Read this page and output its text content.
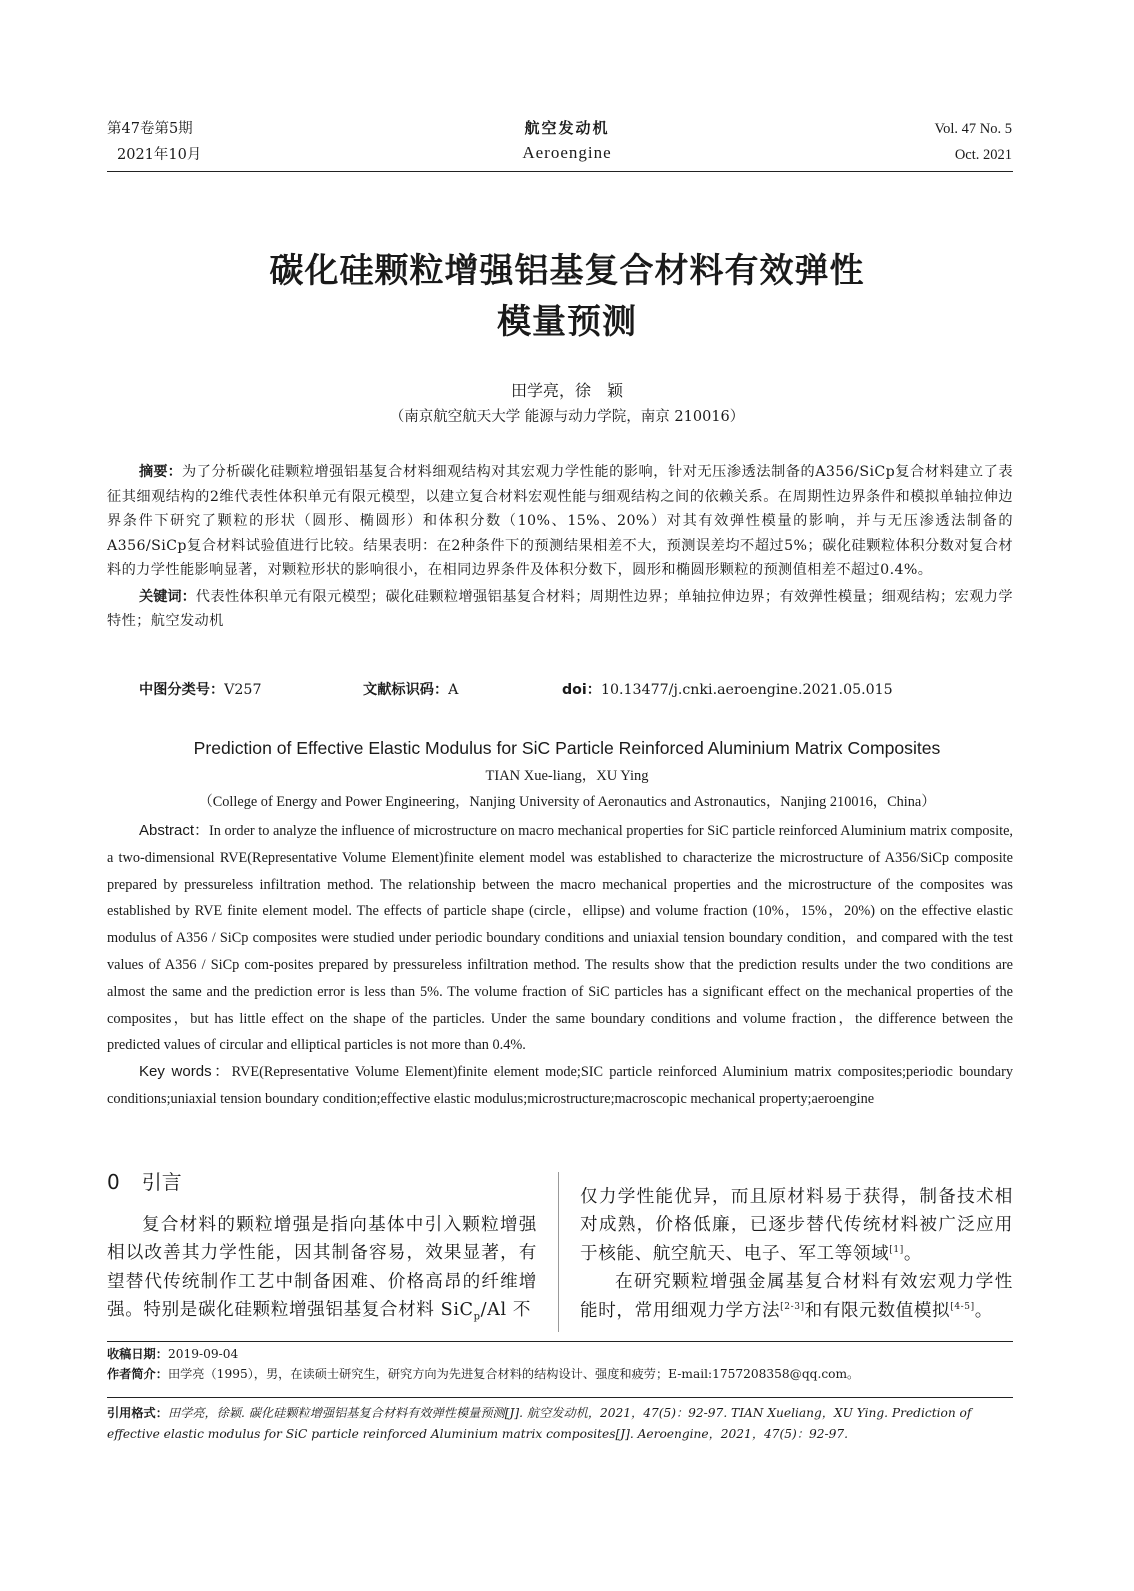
第47卷第5期
2021年10月
航空发动机
Aeroengine
Vol. 47 No. 5
Oct. 2021
碳化硅颗粒增强铝基复合材料有效弹性
模量预测
田学亮，徐　颖
（南京航空航天大学 能源与动力学院，南京 210016）
摘要：为了分析碳化硅颗粒增强铝基复合材料细观结构对其宏观力学性能的影响，针对无压渗透法制备的A356/SiCp复合材料建立了表征其细观结构的2维代表性体积单元有限元模型，以建立复合材料宏观性能与细观结构之间的依赖关系。在周期性边界条件和模拟单轴拉伸边界条件下研究了颗粒的形状（圆形、椭圆形）和体积分数（10%、15%、20%）对其有效弹性模量的影响，并与无压渗透法制备的A356/SiCp复合材料试验值进行比较。结果表明：在2种条件下的预测结果相差不大，预测误差均不超过5%；碳化硅颗粒体积分数对复合材料的力学性能影响显著，对颗粒形状的影响很小，在相同边界条件及体积分数下，圆形和椭圆形颗粒的预测值相差不超过0.4%。
关键词：代表性体积单元有限元模型；碳化硅颗粒增强铝基复合材料；周期性边界；单轴拉伸边界；有效弹性模量；细观结构；宏观力学特性；航空发动机
中图分类号：V257	文献标识码：A	doi：10.13477/j.cnki.aeroengine.2021.05.015
Prediction of Effective Elastic Modulus for SiC Particle Reinforced Aluminium Matrix Composites
TIAN Xue-liang，XU Ying
（College of Energy and Power Engineering，Nanjing University of Aeronautics and Astronautics，Nanjing 210016，China）
Abstract：In order to analyze the influence of microstructure on macro mechanical properties for SiC particle reinforced Aluminium matrix composite, a two-dimensional RVE(Representative Volume Element)finite element model was established to characterize the microstructure of A356/SiCp composite prepared by pressureless infiltration method. The relationship between the macro mechanical properties and the microstructure of the composites was established by RVE finite element model. The effects of particle shape (circle，ellipse) and volume fraction (10%，15%，20%) on the effective elastic modulus of A356 / SiCp composites were studied under periodic boundary conditions and uniaxial tension boundary condition，and compared with the test values of A356 / SiCp com-posites prepared by pressureless infiltration method. The results show that the prediction results under the two conditions are almost the same and the prediction error is less than 5%. The volume fraction of SiC particles has a significant effect on the mechanical properties of the composites，but has little effect on the shape of the particles. Under the same boundary conditions and volume fraction，the difference between the predicted values of circular and elliptical particles is not more than 0.4%.
Key words：RVE(Representative Volume Element)finite element mode;SIC particle reinforced Aluminium matrix composites;periodic boundary conditions;uniaxial tension boundary condition;effective elastic modulus;microstructure;macroscopic mechanical property;aeroengine
0 引言
复合材料的颗粒增强是指向基体中引入颗粒增强相以改善其力学性能，因其制备容易，效果显著，有望替代传统制作工艺中制备困难、价格高昂的纤维增强。特别是碳化硅颗粒增强铝基复合材料 SiC$_p$/Al 不
仅力学性能优异，而且原材料易于获得，制备技术相对成熟，价格低廉，已逐步替代传统材料被广泛应用于核能、航空航天、电子、军工等领域[1]。
在研究颗粒增强金属基复合材料有效宏观力学性能时，常用细观力学方法[2-3]和有限元数值模拟[4-5]。
收稿日期：2019-09-04
作者简介：田学亮（1995），男，在读硕士研究生，研究方向为先进复合材料的结构设计、强度和疲劳；E-mail:1757208358@qq.com。
引用格式：田学亮，徐颖. 碳化硅颗粒增强铝基复合材料有效弹性模量预测[J]. 航空发动机，2021，47(5)：92-97. TIAN Xueliang，XU Ying. Prediction of effective elastic modulus for SiC particle reinforced Aluminium matrix composites[J]. Aeroengine，2021，47(5)：92-97.
